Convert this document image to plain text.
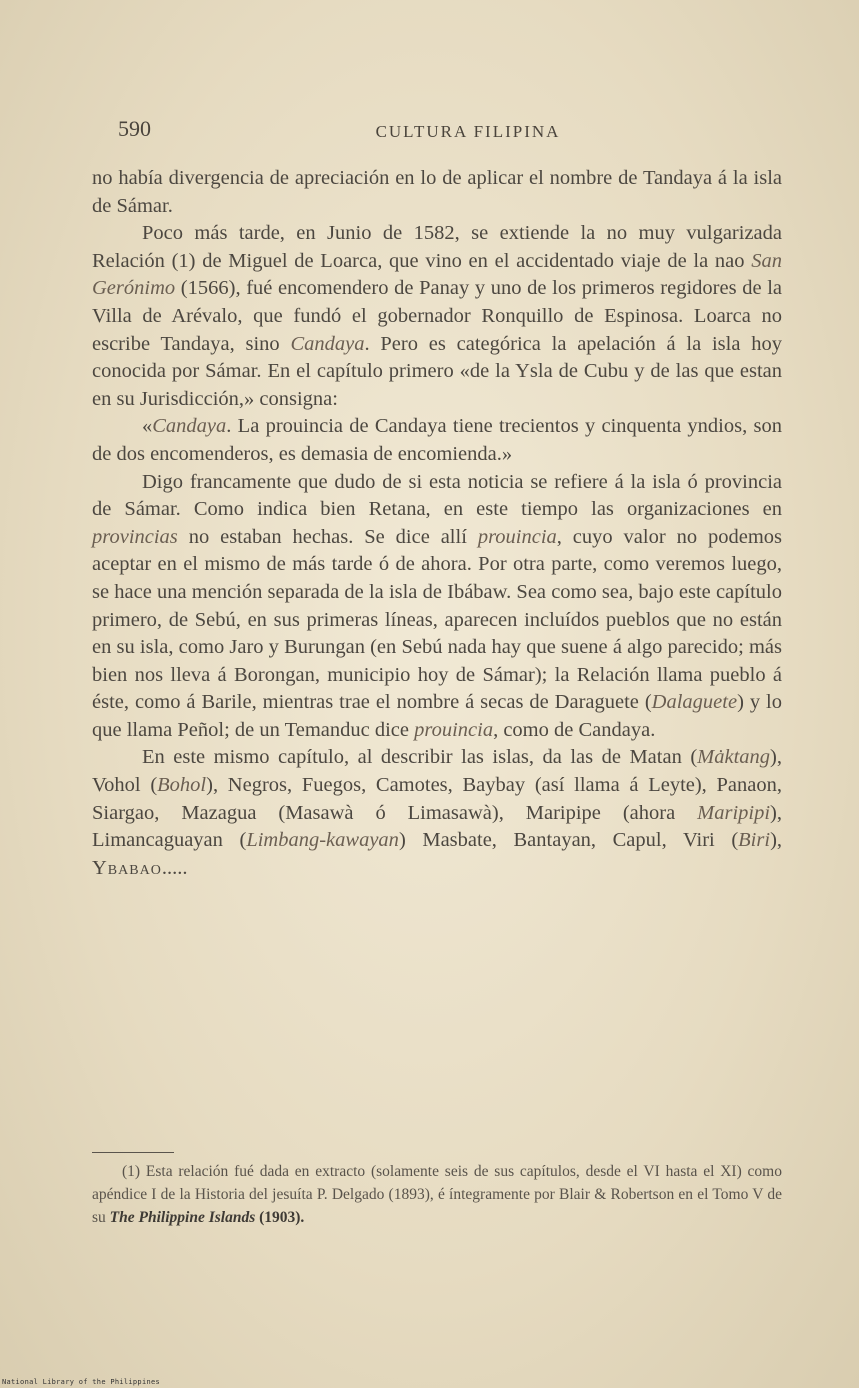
590	CULTURA FILIPINA

no había divergencia de apreciación en lo de aplicar el nombre de Tandaya á la isla de Sámar.

Poco más tarde, en Junio de 1582, se extiende la no muy vulgarizada Relación (1) de Miguel de Loarca, que vino en el accidentado viaje de la nao San Gerónimo (1566), fué encomendero de Panay y uno de los primeros regidores de la Villa de Arévalo, que fundó el gobernador Ronquillo de Espinosa. Loarca no escribe Tandaya, sino Candaya. Pero es categórica la apelación á la isla hoy conocida por Sámar. En el capítulo primero «de la Ysla de Cubu y de las que estan en su Jurisdicción,» consigna:

«Candaya. La prouincia de Candaya tiene trecientos y cinquenta yndios, son de dos encomenderos, es demasia de encomienda.»

Digo francamente que dudo de si esta noticia se refiere á la isla ó provincia de Sámar. Como indica bien Retana, en este tiempo las organizaciones en provincias no estaban hechas. Se dice allí prouincia, cuyo valor no podemos aceptar en el mismo de más tarde ó de ahora. Por otra parte, como veremos luego, se hace una mención separada de la isla de Ibábaw. Sea como sea, bajo este capítulo primero, de Sebú, en sus primeras líneas, aparecen incluídos pueblos que no están en su isla, como Jaro y Burungan (en Sebú nada hay que suene á algo parecido; más bien nos lleva á Borongan, municipio hoy de Sámar); la Relación llama pueblo á éste, como á Barile, mientras trae el nombre á secas de Daraguete (Dalaguete) y lo que llama Peñol; de un Temanduc dice prouincia, como de Candaya.

En este mismo capítulo, al describir las islas, da las de Matan (Mȧktang), Vohol (Bohol), Negros, Fuegos, Camotes, Baybay (así llama á Leyte), Panaon, Siargao, Mazagua (Masawà ó Limasawà), Maripipe (ahora Maripipi), Limancaguayan (Limbang-kawayan) Masbate, Bantayan, Capul, Viri (Biri), Ybabao.....

(1) Esta relación fué dada en extracto (solamente seis de sus capítulos, desde el VI hasta el XI) como apéndice I de la Historia del jesuíta P. Delgado (1893), é íntegramente por Blair & Robertson en el Tomo V de su The Philippine Islands (1903).

National Library of the Philippines
